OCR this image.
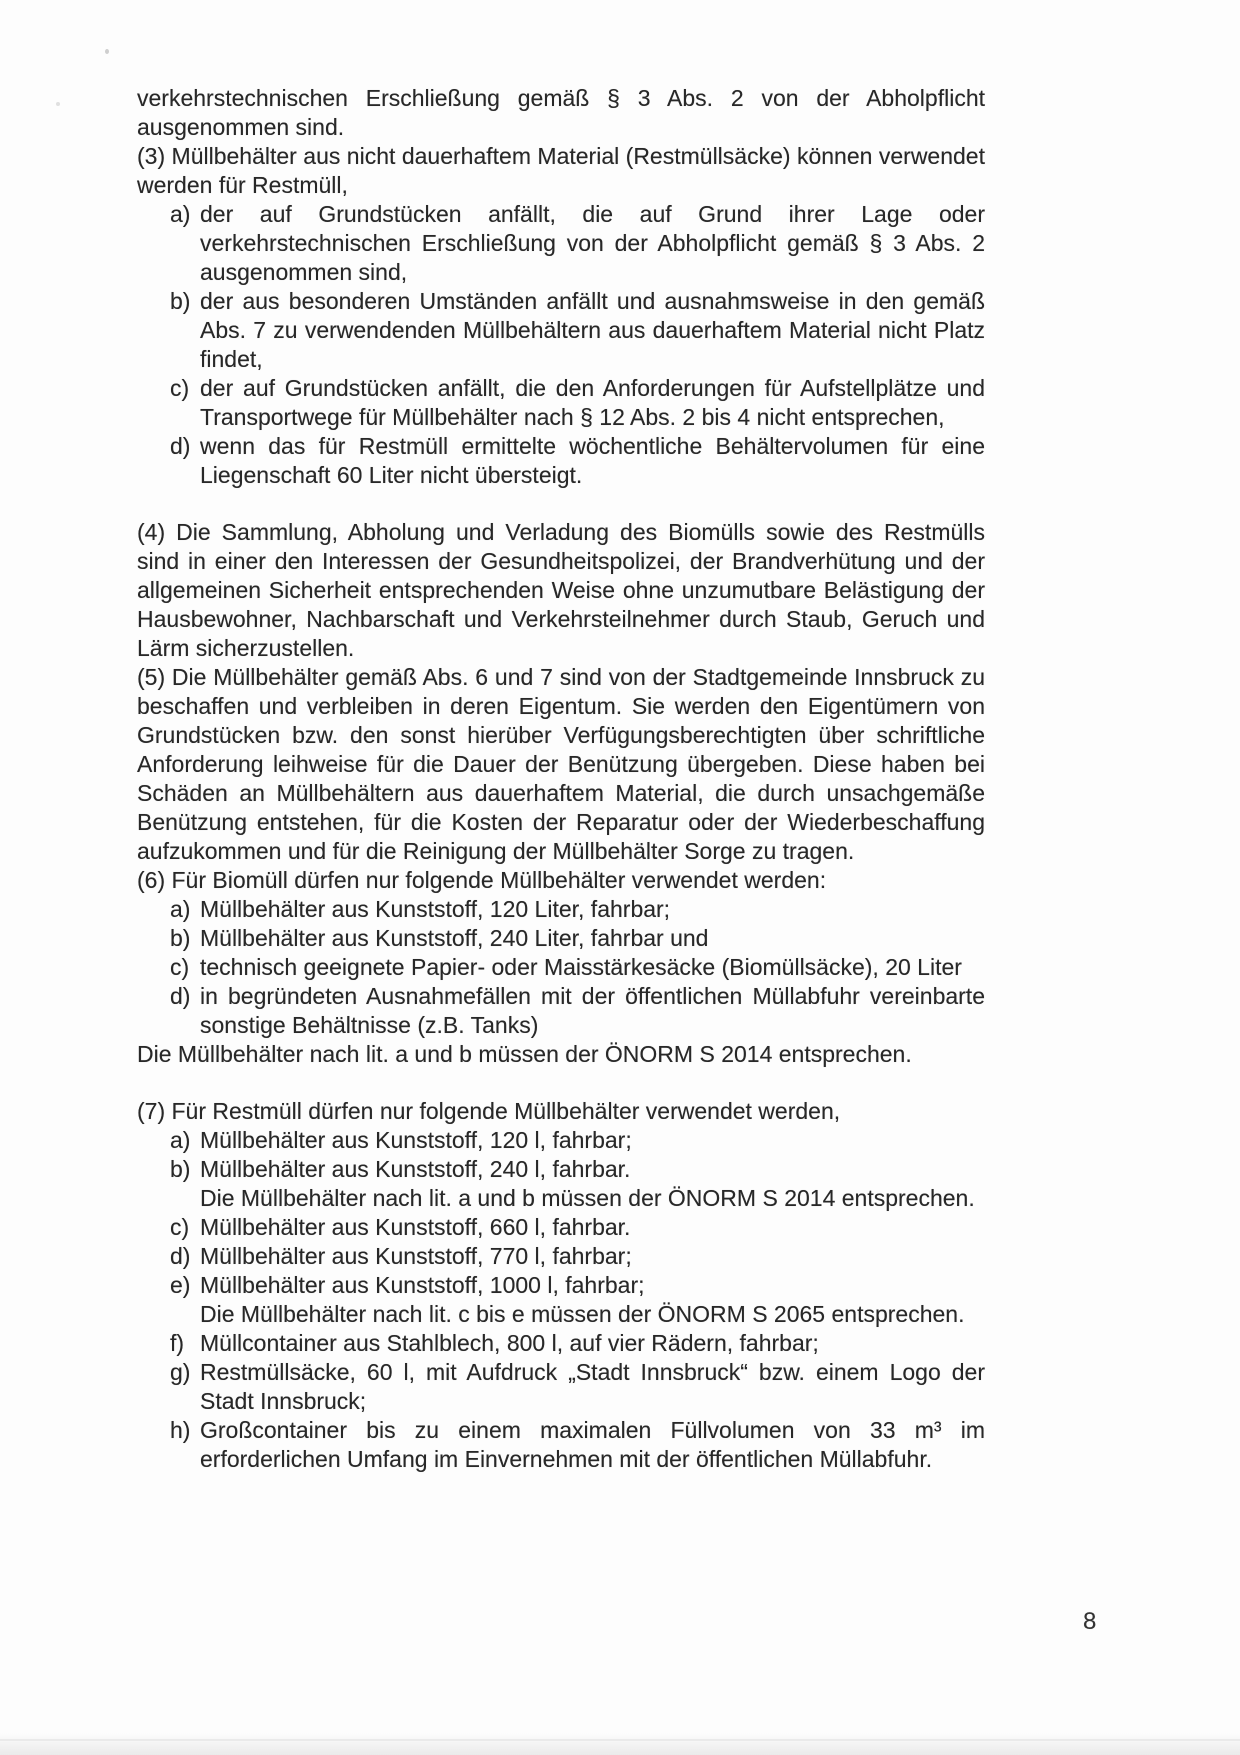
verkehrstechnischen Erschließung gemäß § 3 Abs. 2 von der Abholpflicht ausgenommen sind.

(3) Müllbehälter aus nicht dauerhaftem Material (Restmüllsäcke) können verwendet werden für Restmüll,

a) der auf Grundstücken anfällt, die auf Grund ihrer Lage oder verkehrstechnischen Erschließung von der Abholpflicht gemäß § 3 Abs. 2 ausgenommen sind,
b) der aus besonderen Umständen anfällt und ausnahmsweise in den gemäß Abs. 7 zu verwendenden Müllbehältern aus dauerhaftem Material nicht Platz findet,
c) der auf Grundstücken anfällt, die den Anforderungen für Aufstellplätze und Transportwege für Müllbehälter nach § 12 Abs. 2 bis 4 nicht entsprechen,
d) wenn das für Restmüll ermittelte wöchentliche Behältervolumen für eine Liegenschaft 60 Liter nicht übersteigt.

(4) Die Sammlung, Abholung und Verladung des Biomülls sowie des Restmülls sind in einer den Interessen der Gesundheitspolizei, der Brandverhütung und der allgemeinen Sicherheit entsprechenden Weise ohne unzumutbare Belästigung der Hausbewohner, Nachbarschaft und Verkehrsteilnehmer durch Staub, Geruch und Lärm sicherzustellen.

(5) Die Müllbehälter gemäß Abs. 6 und 7 sind von der Stadtgemeinde Innsbruck zu beschaffen und verbleiben in deren Eigentum. Sie werden den Eigentümern von Grundstücken bzw. den sonst hierüber Verfügungsberechtigten über schriftliche Anforderung leihweise für die Dauer der Benützung übergeben. Diese haben bei Schäden an Müllbehältern aus dauerhaftem Material, die durch unsachgemäße Benützung entstehen, für die Kosten der Reparatur oder der Wiederbeschaffung aufzukommen und für die Reinigung der Müllbehälter Sorge zu tragen.

(6) Für Biomüll dürfen nur folgende Müllbehälter verwendet werden:

a) Müllbehälter aus Kunststoff, 120 Liter, fahrbar;
b) Müllbehälter aus Kunststoff, 240 Liter, fahrbar und
c) technisch geeignete Papier- oder Maisstärkesäcke (Biomüllsäcke), 20 Liter
d) in begründeten Ausnahmefällen mit der öffentlichen Müllabfuhr vereinbarte sonstige Behältnisse (z.B. Tanks)

Die Müllbehälter nach lit. a und b müssen der ÖNORM S 2014 entsprechen.

(7) Für Restmüll dürfen nur folgende Müllbehälter verwendet werden,

a) Müllbehälter aus Kunststoff, 120 l, fahrbar;
b) Müllbehälter aus Kunststoff, 240 l, fahrbar.

Die Müllbehälter nach lit. a und b müssen der ÖNORM S 2014 entsprechen.

c) Müllbehälter aus Kunststoff, 660 l, fahrbar.
d) Müllbehälter aus Kunststoff, 770 l, fahrbar;
e) Müllbehälter aus Kunststoff, 1000 l, fahrbar;

Die Müllbehälter nach lit. c bis e müssen der ÖNORM S 2065 entsprechen.

f) Müllcontainer aus Stahlblech, 800 l, auf vier Rädern, fahrbar;
g) Restmüllsäcke, 60 l, mit Aufdruck „Stadt Innsbruck“ bzw. einem Logo der Stadt Innsbruck;
h) Großcontainer bis zu einem maximalen Füllvolumen von 33 m³ im erforderlichen Umfang im Einvernehmen mit der öffentlichen Müllabfuhr.
8
